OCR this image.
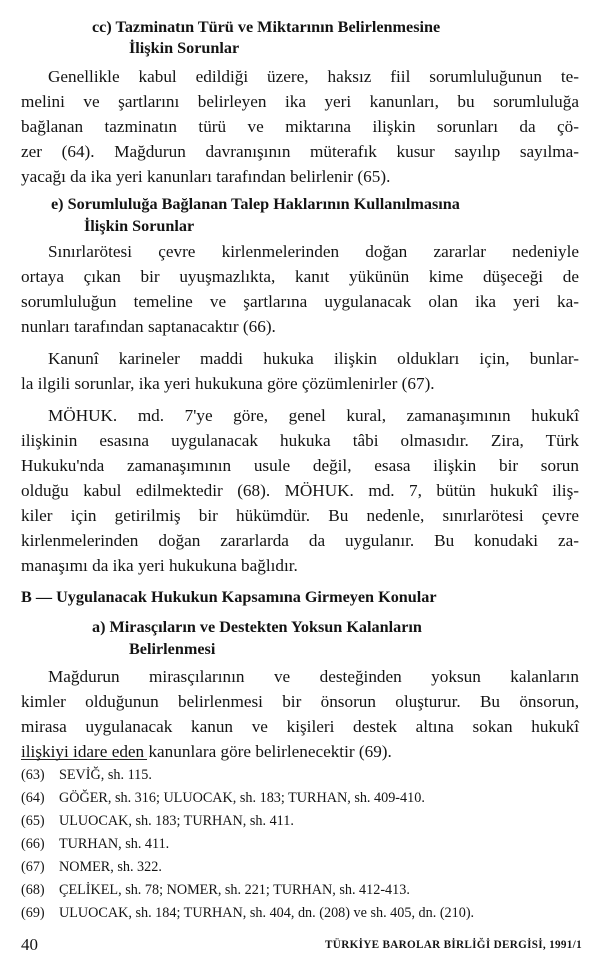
cc) Tazminatın Türü ve Miktarının Belirlenmesine
İlişkin Sorunlar
Genellikle kabul edildiği üzere, haksız fiil sorumluluğunun te-
melini ve şartlarını belirleyen ika yeri kanunları, bu sorumluluğa
bağlanan tazminatın türü ve miktarına ilişkin sorunları da çö-
zer (64). Mağdurun davranışının müterafık kusur sayılıp sayılma-
yacağı da ika yeri kanunları tarafından belirlenir (65).
e) Sorumluluğa Bağlanan Talep Haklarının Kullanılmasına
İlişkin Sorunlar
Sınırlarötesi çevre kirlenmelerinden doğan zararlar nedeniyle
ortaya çıkan bir uyuşmazlıkta, kanıt yükünün kime düşeceği de
sorumluluğun temeline ve şartlarına uygulanacak olan ika yeri ka-
nunları tarafından saptanacaktır (66).
Kanunî karineler maddi hukuka ilişkin oldukları için, bunlar-
la ilgili sorunlar, ika yeri hukukuna göre çözümlenirler (67).
MÖHUK. md. 7'ye göre, genel kural, zamanaşımının hukukî
ilişkinin esasına uygulanacak hukuka tâbi olmasıdır. Zira, Türk
Hukuku'nda zamanaşımının usule değil, esasa ilişkin bir sorun
olduğu kabul edilmektedir (68). MÖHUK. md. 7, bütün hukukî iliş-
kiler için getirilmiş bir hükümdür. Bu nedenle, sınırlarötesi çevre
kirlenmelerinden doğan zararlarda da uygulanır. Bu konudaki za-
manaşımı da ika yeri hukukuna bağlıdır.
B — Uygulanacak Hukukun Kapsamına Girmeyen Konular
a) Mirasçıların ve Destekten Yoksun Kalanların
Belirlenmesi
Mağdurun mirasçılarının ve desteğinden yoksun kalanların
kimler olduğunun belirlenmesi bir önsorun oluşturur. Bu önsorun,
mirasa uygulanacak kanun ve kişileri destek altına sokan hukukî
ilişkiyi idare eden kanunlara göre belirlenecektir (69).
(63) SEVİĞ, sh. 115.
(64) GÖĞER, sh. 316; ULUOCAK, sh. 183; TURHAN, sh. 409-410.
(65) ULUOCAK, sh. 183; TURHAN, sh. 411.
(66) TURHAN, sh. 411.
(67) NOMER, sh. 322.
(68) ÇELİKEL, sh. 78; NOMER, sh. 221; TURHAN, sh. 412-413.
(69) ULUOCAK, sh. 184; TURHAN, sh. 404, dn. (208) ve sh. 405, dn. (210).
40	TÜRKİYE BAROLAR BİRLİĞİ DERGİSİ, 1991/1
